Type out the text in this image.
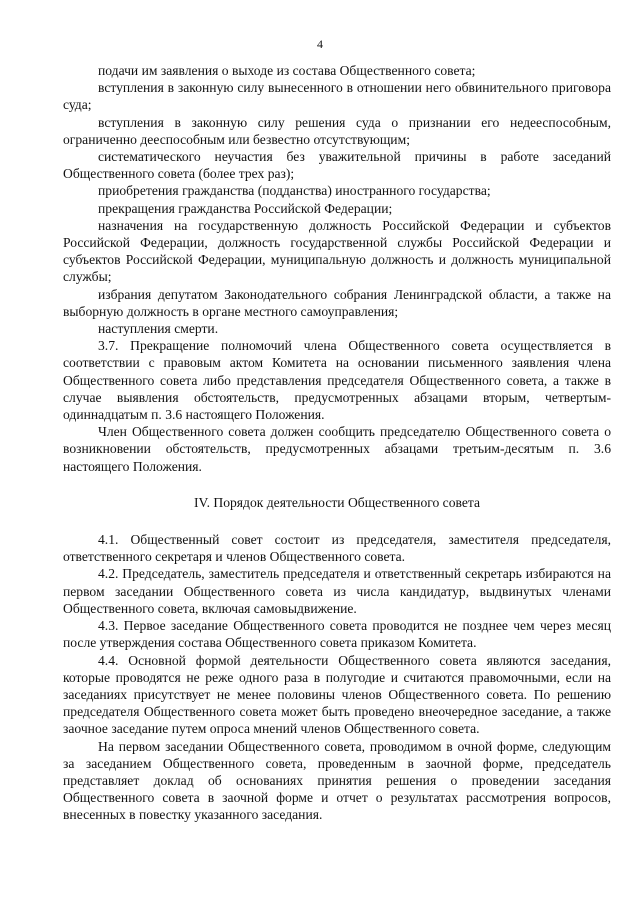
4

подачи им заявления о выходе из состава Общественного совета;

вступления в законную силу вынесенного в отношении него обвинительного приговора суда;

вступления в законную силу решения суда о признании его недееспособным, ограниченно дееспособным или безвестно отсутствующим;

систематического неучастия без уважительной причины в работе заседаний Общественного совета (более трех раз);

приобретения гражданства (подданства) иностранного государства;

прекращения гражданства Российской Федерации;

назначения на государственную должность Российской Федерации и субъектов Российской Федерации, должность государственной службы Российской Федерации и субъектов Российской Федерации, муниципальную должность и должность муниципальной службы;

избрания депутатом Законодательного собрания Ленинградской области, а также на выборную должность в органе местного самоуправления;

наступления смерти.

3.7. Прекращение полномочий члена Общественного совета осуществляется в соответствии с правовым актом Комитета на основании письменного заявления члена Общественного совета либо представления председателя Общественного совета, а также в случае выявления обстоятельств, предусмотренных абзацами вторым, четвертым-одиннадцатым п. 3.6 настоящего Положения.

Член Общественного совета должен сообщить председателю Общественного совета о возникновении обстоятельств, предусмотренных абзацами третьим-десятым п. 3.6 настоящего Положения.

IV. Порядок деятельности Общественного совета

4.1. Общественный совет состоит из председателя, заместителя председателя, ответственного секретаря и членов Общественного совета.

4.2. Председатель, заместитель председателя и ответственный секретарь избираются на первом заседании Общественного совета из числа кандидатур, выдвинутых членами Общественного совета, включая самовыдвижение.

4.3. Первое заседание Общественного совета проводится не позднее чем через месяц после утверждения состава Общественного совета приказом Комитета.

4.4. Основной формой деятельности Общественного совета являются заседания, которые проводятся не реже одного раза в полугодие и считаются правомочными, если на заседаниях присутствует не менее половины членов Общественного совета. По решению председателя Общественного совета может быть проведено внеочередное заседание, а также заочное заседание путем опроса мнений членов Общественного совета.

На первом заседании Общественного совета, проводимом в очной форме, следующим за заседанием Общественного совета, проведенным в заочной форме, председатель представляет доклад об основаниях принятия решения о проведении заседания Общественного совета в заочной форме и отчет о результатах рассмотрения вопросов, внесенных в повестку указанного заседания.
